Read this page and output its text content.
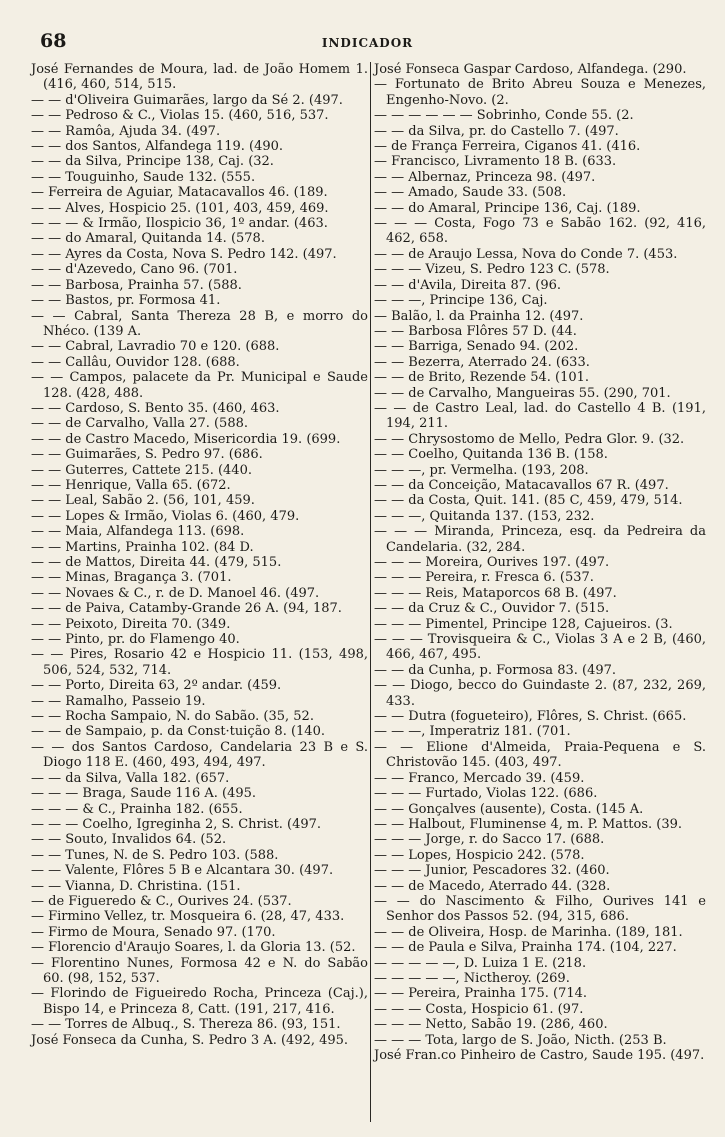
68	INDICADOR

José Fernandes de Moura, lad. de João Homem 1. (416, 460, 514, 515.

— — d'Oliveira Guimarães, largo da Sé 2. (497.

— — Pedroso & C., Violas 15. (460, 516, 537.

— — Ramôa, Ajuda 34. (497.

— — dos Santos, Alfandega 119. (490.

— — da Silva, Principe 138, Caj. (32.

— — Touguinho, Saude 132. (555.

— Ferreira de Aguiar, Matacavallos 46. (189.

— — Alves, Hospicio 25. (101, 403, 459, 469.

— — — & Irmão, Ilospicio 36, 1º andar. (463.

— — do Amaral, Quitanda 14. (578.

— — Ayres da Costa, Nova S. Pedro 142. (497.

— — d'Azevedo, Cano 96. (701.

— — Barbosa, Prainha 57. (588.

— — Bastos, pr. Formosa 41.

— — Cabral, Santa Thereza 28 B, e morro do Nhéco. (139 A.

— — Cabral, Lavradio 70 e 120. (688.

— — Callâu, Ouvidor 128. (688.

— — Campos, palacete da Pr. Municipal e Saude 128. (428, 488.

— — Cardoso, S. Bento 35. (460, 463.

— — de Carvalho, Valla 27. (588.

— — de Castro Macedo, Misericordia 19. (699.

— — Guimarães, S. Pedro 97. (686.

— — Guterres, Cattete 215. (440.

— — Henrique, Valla 65. (672.

— — Leal, Sabão 2. (56, 101, 459.

— — Lopes & Irmão, Violas 6. (460, 479.

— — Maia, Alfandega 113. (698.

— — Martins, Prainha 102. (84 D.

— — de Mattos, Direita 44. (479, 515.

— — Minas, Bragança 3. (701.

— — Novaes & C., r. de D. Manoel 46. (497.

— — de Paiva, Catamby-Grande 26 A. (94, 187.

— — Peixoto, Direita 70. (349.

— — Pinto, pr. do Flamengo 40.

— — Pires, Rosario 42 e Hospicio 11. (153, 498, 506, 524, 532, 714.

— — Porto, Direita 63, 2º andar. (459.

— — Ramalho, Passeio 19.

— — Rocha Sampaio, N. do Sabão. (35, 52.

— — de Sampaio, p. da Const·tuição 8. (140.

— — dos Santos Cardoso, Candelaria 23 B e S. Diogo 118 E. (460, 493, 494, 497.

— — da Silva, Valla 182. (657.

— — — Braga, Saude 116 A. (495.

— — — & C., Prainha 182. (655.

— — — Coelho, Igreginha 2, S. Christ. (497.

— — Souto, Invalidos 64. (52.

— — Tunes, N. de S. Pedro 103. (588.

— — Valente, Flôres 5 B e Alcantara 30. (497.

— — Vianna, D. Christina. (151.

— de Figueredo & C., Ourives 24. (537.

— Firmino Vellez, tr. Mosqueira 6. (28, 47, 433.

— Firmo de Moura, Senado 97. (170.

— Florencio d'Araujo Soares, l. da Gloria 13. (52.

— Florentino Nunes, Formosa 42 e N. do Sabão 60. (98, 152, 537.

— Florindo de Figueiredo Rocha, Princeza (Caj.), Bispo 14, e Princeza 8, Catt. (191, 217, 416.

— — Torres de Albuq., S. Thereza 86. (93, 151.

José Fonseca da Cunha, S. Pedro 3 A. (492, 495.

José Fonseca Gaspar Cardoso, Alfandega. (290.

— Fortunato de Brito Abreu Souza e Menezes, Engenho-Novo. (2.

— — — — — — Sobrinho, Conde 55. (2.

— — da Silva, pr. do Castello 7. (497.

— de França Ferreira, Ciganos 41. (416.

— Francisco, Livramento 18 B. (633.

— — Albernaz, Princeza 98. (497.

— — Amado, Saude 33. (508.

— — do Amaral, Principe 136, Caj. (189.

— — — Costa, Fogo 73 e Sabão 162. (92, 416, 462, 658.

— — de Araujo Lessa, Nova do Conde 7. (453.

— — — Vizeu, S. Pedro 123 C. (578.

— — d'Avila, Direita 87. (96.

— — —, Principe 136, Caj.

— Balão, l. da Prainha 12. (497.

— — Barbosa Flôres 57 D. (44.

— — Barriga, Senado 94. (202.

— — Bezerra, Aterrado 24. (633.

— — de Brito, Rezende 54. (101.

— — de Carvalho, Mangueiras 55. (290, 701.

— — de Castro Leal, lad. do Castello 4 B. (191, 194, 211.

— — Chrysostomo de Mello, Pedra Glor. 9. (32.

— — Coelho, Quitanda 136 B. (158.

— — —, pr. Vermelha. (193, 208.

— — da Conceição, Matacavallos 67 R. (497.

— — da Costa, Quit. 141. (85 C, 459, 479, 514.

— — —, Quitanda 137. (153, 232.

— — — Miranda, Princeza, esq. da Pedreira da Candelaria. (32, 284.

— — — Moreira, Ourives 197. (497.

— — — Pereira, r. Fresca 6. (537.

— — — Reis, Mataporcos 68 B. (497.

— — da Cruz & C., Ouvidor 7. (515.

— — — Pimentel, Principe 128, Cajueiros. (3.

— — — Trovisqueira & C., Violas 3 A e 2 B, (460, 466, 467, 495.

— — da Cunha, p. Formosa 83. (497.

— — Diogo, becco do Guindaste 2. (87, 232, 269, 433.

— — Dutra (fogueteiro), Flôres, S. Christ. (665.

— — —, Imperatriz 181. (701.

— — Elione d'Almeida, Praia-Pequena e S. Christovão 145. (403, 497.

— — Franco, Mercado 39. (459.

— — — Furtado, Violas 122. (686.

— — Gonçalves (ausente), Costa. (145 A.

— — Halbout, Fluminense 4, m. P. Mattos. (39.

— — — Jorge, r. do Sacco 17. (688.

— — Lopes, Hospicio 242. (578.

— — — Junior, Pescadores 32. (460.

— — de Macedo, Aterrado 44. (328.

— — do Nascimento & Filho, Ourives 141 e Senhor dos Passos 52. (94, 315, 686.

— — de Oliveira, Hosp. de Marinha. (189, 181.

— — de Paula e Silva, Prainha 174. (104, 227.

— — — — —, D. Luiza 1 E. (218.

— — — — —, Nictheroy. (269.

— — Pereira, Prainha 175. (714.

— — — Costa, Hospicio 61. (97.

— — — Netto, Sabão 19. (286, 460.

— — — Tota, largo de S. João, Nicth. (253 B.

José Fran.co Pinheiro de Castro, Saude 195. (497.
